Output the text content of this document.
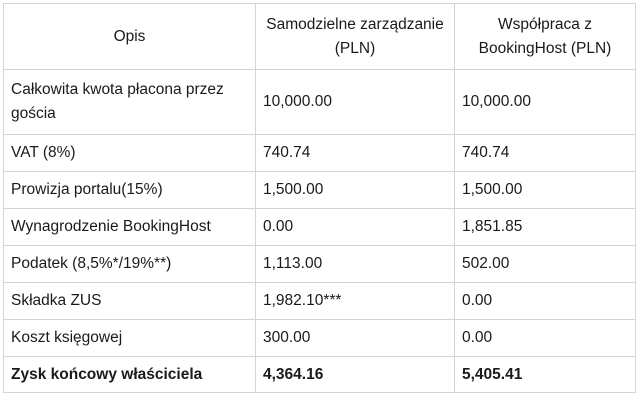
Opis	Samodzielne zarządzanie (PLN)	Współpraca z BookingHost (PLN)
Całkowita kwota płacona przez gościa	10,000.00	10,000.00
VAT (8%)	740.74	740.74
Prowizja portalu(15%)	1,500.00	1,500.00
Wynagrodzenie BookingHost	0.00	1,851.85
Podatek (8,5%*/19%**)	1,113.00	502.00
Składka ZUS	1,982.10***	0.00
Koszt księgowej	300.00	0.00
Zysk końcowy właściciela	4,364.16	5,405.41
